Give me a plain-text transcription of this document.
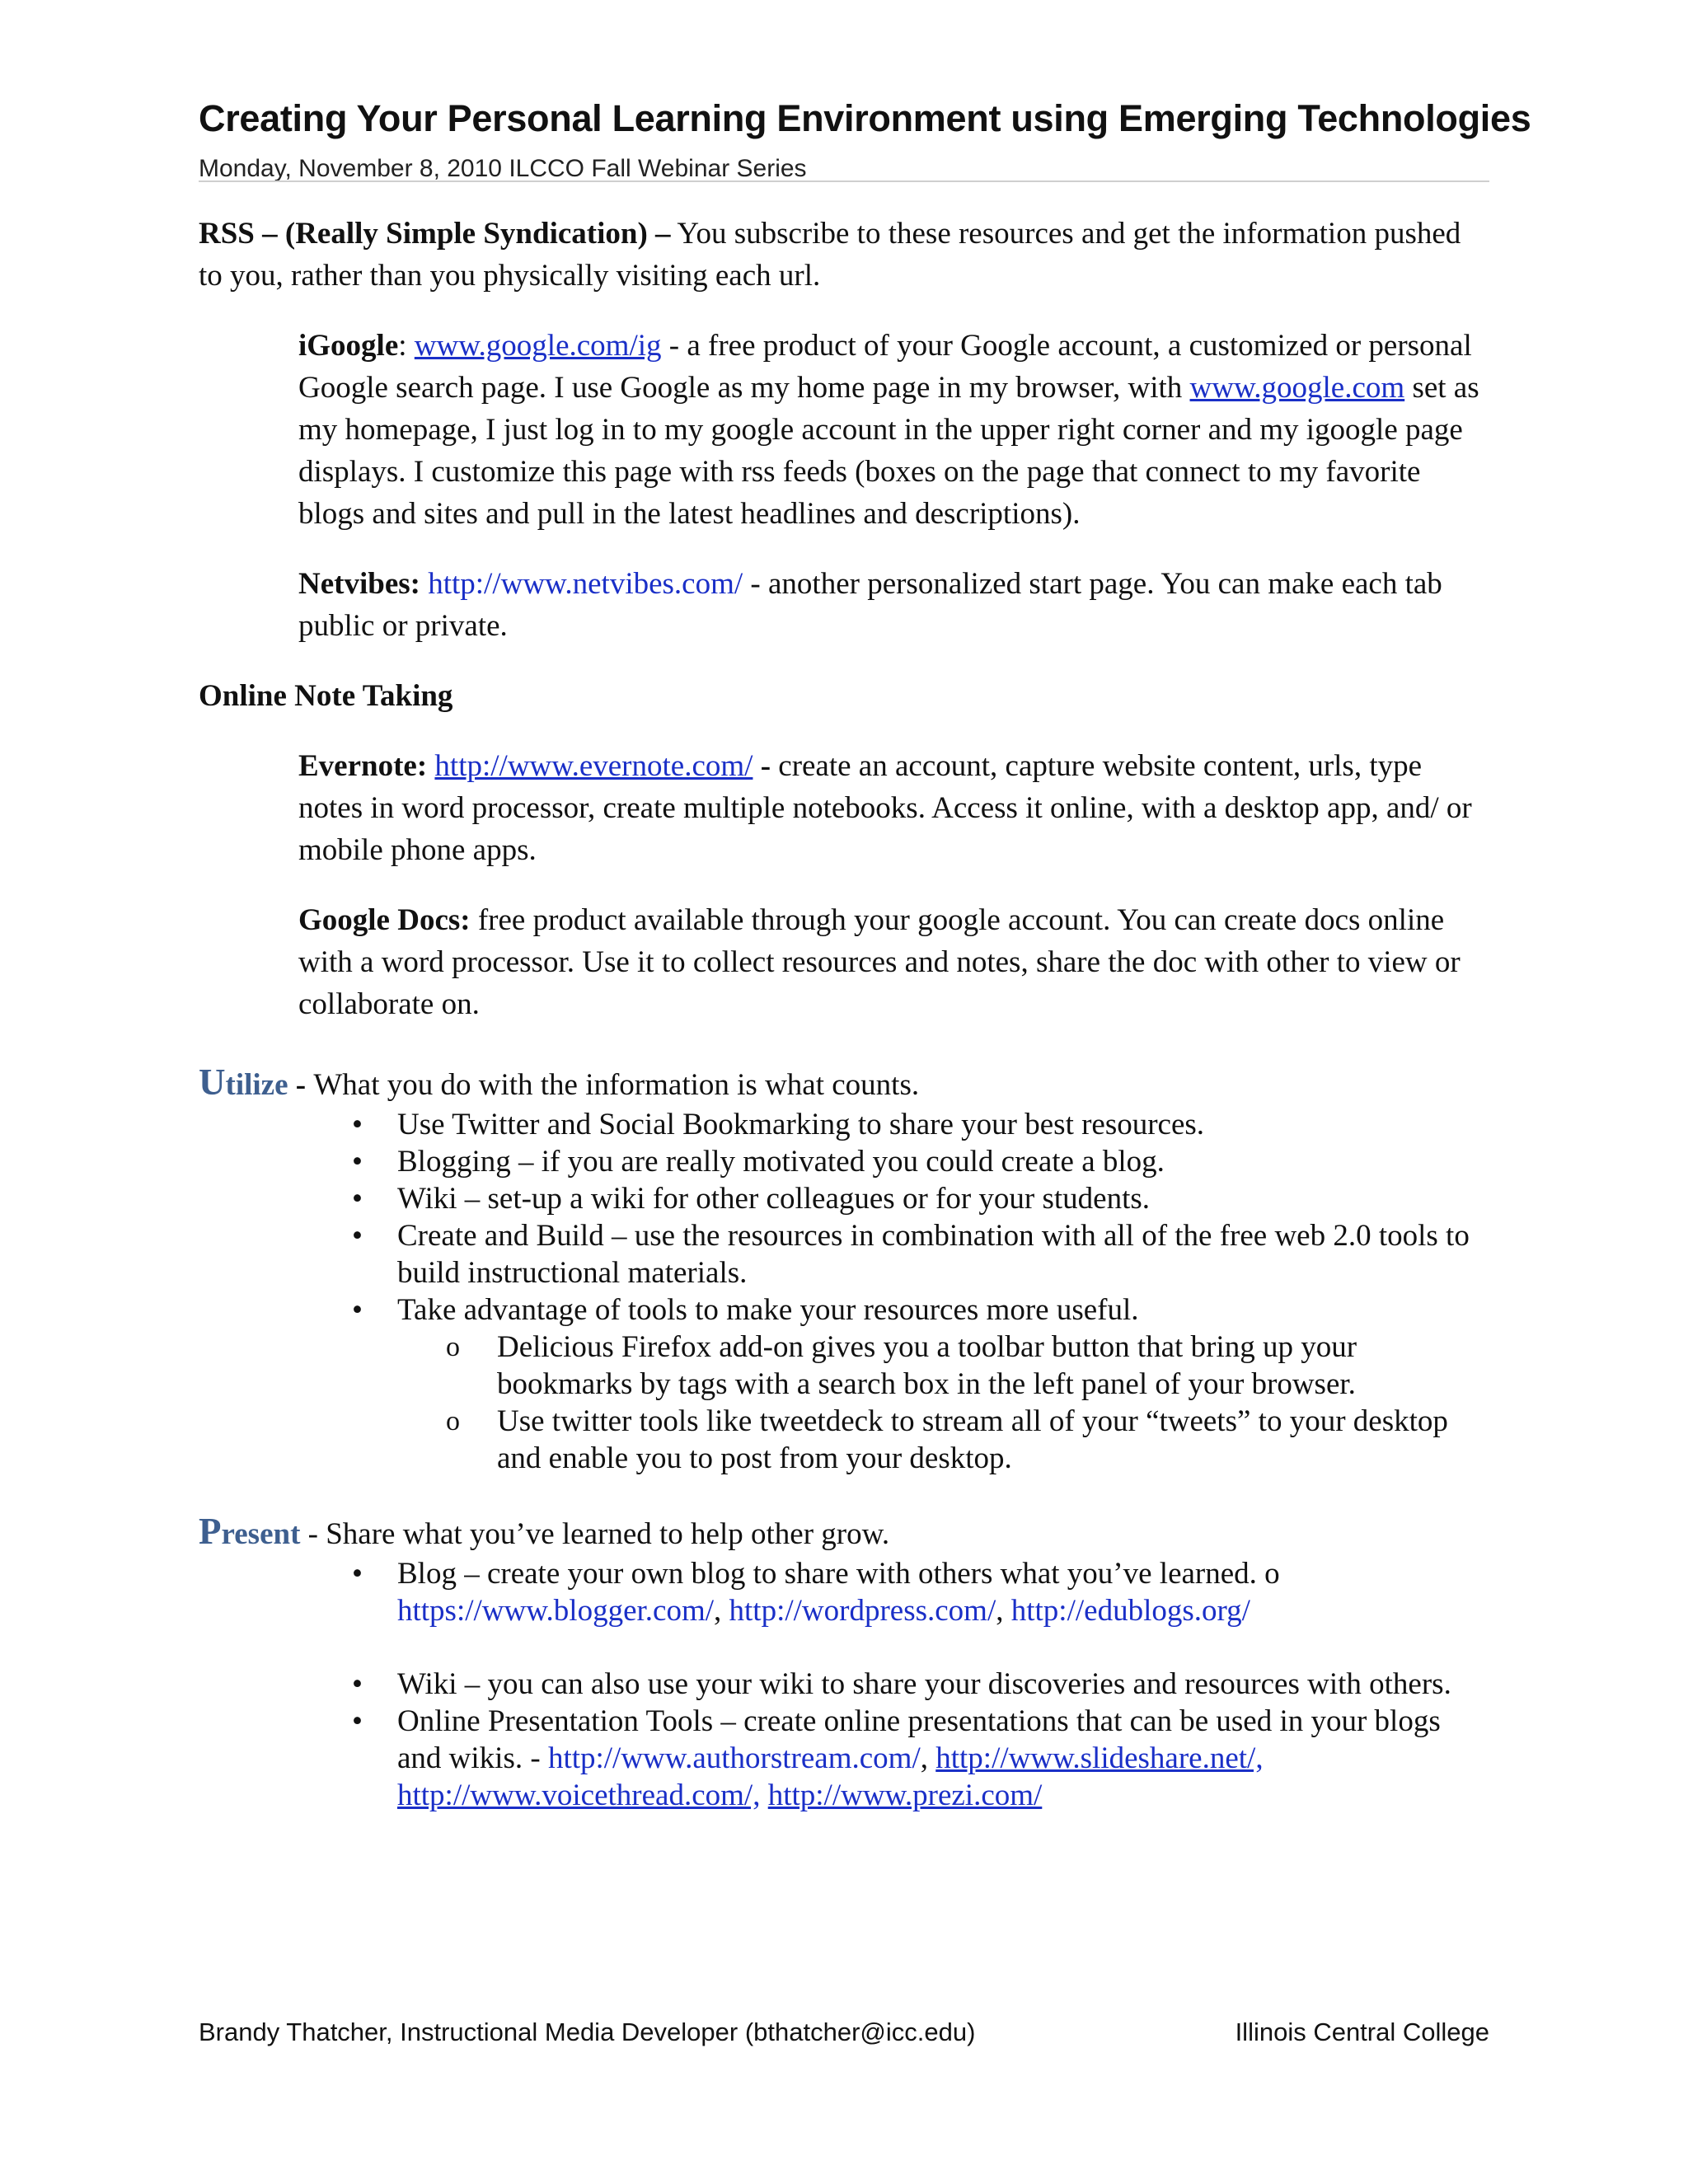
Creating Your Personal Learning Environment using Emerging Technologies
Monday, November 8, 2010 ILCCO Fall Webinar Series

RSS – (Really Simple Syndication) – You subscribe to these resources and get the information pushed to you, rather than you physically visiting each url.

iGoogle: www.google.com/ig - a free product of your Google account, a customized or personal Google search page. I use Google as my home page in my browser, with www.google.com set as my homepage, I just log in to my google account in the upper right corner and my igoogle page displays. I customize this page with rss feeds (boxes on the page that connect to my favorite blogs and sites and pull in the latest headlines and descriptions).

Netvibes: http://www.netvibes.com/ - another personalized start page. You can make each tab public or private.

Online Note Taking

Evernote: http://www.evernote.com/ - create an account, capture website content, urls, type notes in word processor, create multiple notebooks. Access it online, with a desktop app, and/ or mobile phone apps.

Google Docs: free product available through your google account. You can create docs online with a word processor. Use it to collect resources and notes, share the doc with other to view or collaborate on.

Utilize - What you do with the information is what counts.

• Use Twitter and Social Bookmarking to share your best resources.
• Blogging – if you are really motivated you could create a blog.
• Wiki – set-up a wiki for other colleagues or for your students.
• Create and Build – use the resources in combination with all of the free web 2.0 tools to build instructional materials.
• Take advantage of tools to make your resources more useful.
o Delicious Firefox add-on gives you a toolbar button that bring up your bookmarks by tags with a search box in the left panel of your browser.
o Use twitter tools like tweetdeck to stream all of your “tweets” to your desktop and enable you to post from your desktop.

Present - Share what you’ve learned to help other grow.

• Blog – create your own blog to share with others what you’ve learned. o
https://www.blogger.com/, http://wordpress.com/, http://edublogs.org/
• Wiki – you can also use your wiki to share your discoveries and resources with others.
• Online Presentation Tools – create online presentations that can be used in your blogs and wikis. - http://www.authorstream.com/, http://www.slideshare.net/,
http://www.voicethread.com/, http://www.prezi.com/
Brandy Thatcher, Instructional Media Developer (bthatcher@icc.edu)	Illinois Central College
